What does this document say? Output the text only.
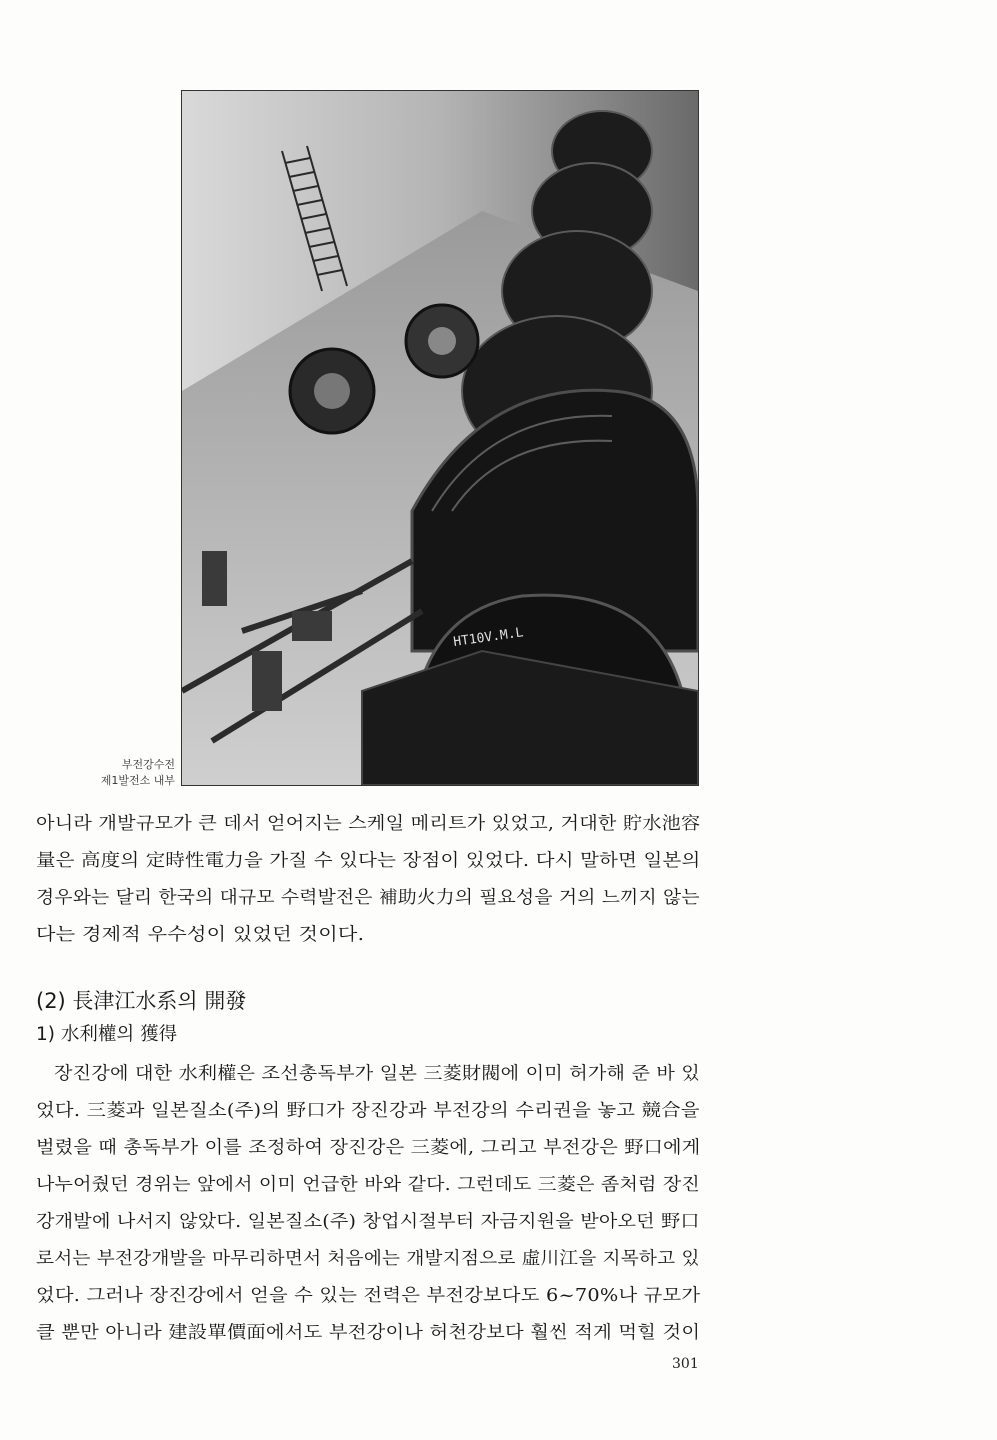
HT10V.M.L
부전강수전
제1발전소 내부
아니라 개발규모가 큰 데서 얻어지는 스케일 메리트가 있었고, 거대한 貯水池容
量은 高度의 定時性電力을 가질 수 있다는 장점이 있었다. 다시 말하면 일본의
경우와는 달리 한국의 대규모 수력발전은 補助火力의 필요성을 거의 느끼지 않는
다는 경제적 우수성이 있었던 것이다.
(2) 長津江水系의 開發
1) 水利權의 獲得
장진강에 대한 水利權은 조선총독부가 일본 三菱財閥에 이미 허가해 준 바 있
었다. 三菱과 일본질소(주)의 野口가 장진강과 부전강의 수리권을 놓고 競合을
벌렸을 때 총독부가 이를 조정하여 장진강은 三菱에, 그리고 부전강은 野口에게
나누어줬던 경위는 앞에서 이미 언급한 바와 같다. 그런데도 三菱은 좀처럼 장진
강개발에 나서지 않았다. 일본질소(주) 창업시절부터 자금지원을 받아오던 野口
로서는 부전강개발을 마무리하면서 처음에는 개발지점으로 虛川江을 지목하고 있
었다. 그러나 장진강에서 얻을 수 있는 전력은 부전강보다도 6~70%나 규모가
클 뿐만 아니라 建設單價面에서도 부전강이나 허천강보다 훨씬 적게 먹힐 것이
301
